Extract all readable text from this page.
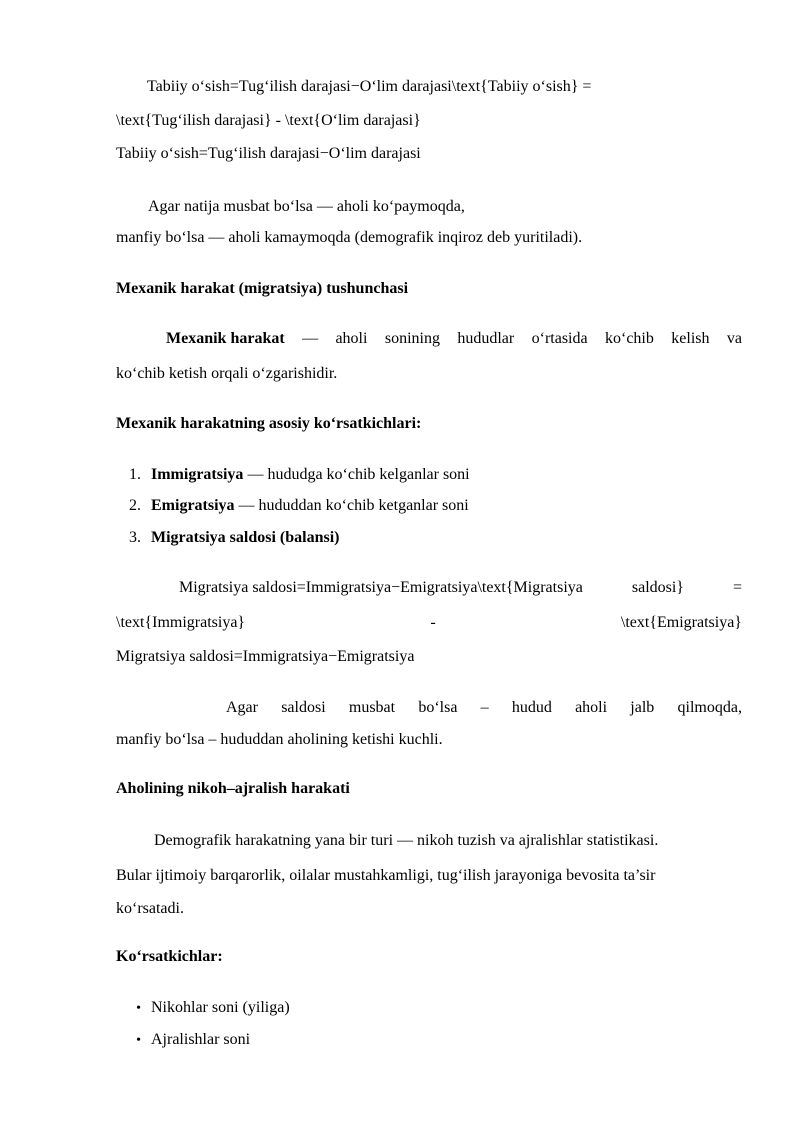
Tabiiy o‘sish=Tug‘ilish darajasi−O‘lim darajasi\text{Tabiiy o‘sish} =
\text{Tug‘ilish darajasi} - \text{O‘lim darajasi}
Tabiiy o‘sish=Tug‘ilish darajasi−O‘lim darajasi
Agar natija musbat bo‘lsa — aholi ko‘paymoqda,
manfiy bo‘lsa — aholi kamaymoqda (demografik inqiroz deb yuritiladi).
Mexanik harakat (migratsiya) tushunchasi
Mexanik harakat — aholi sonining hududlar o‘rtasida ko‘chib kelish va
ko‘chib ketish orqali o‘zgarishidir.
Mexanik harakatning asosiy ko‘rsatkichlari:
1. Immigratsiya — hududga ko‘chib kelganlar soni
2. Emigratsiya — hududdan ko‘chib ketganlar soni
3. Migratsiya saldosi (balansi)
Migratsiya saldosi=Immigratsiya−Emigratsiya\text{Migratsiya	saldosi}	=
\text{Immigratsiya}	-	\text{Emigratsiya}
Migratsiya saldosi=Immigratsiya−Emigratsiya
Agar saldosi musbat bo‘lsa – hudud aholi jalb qilmoqda,
manfiy bo‘lsa – hududdan aholining ketishi kuchli.
Aholining nikoh–ajralish harakati
Demografik harakatning yana bir turi — nikoh tuzish va ajralishlar statistikasi.
Bular ijtimoiy barqarorlik, oilalar mustahkamligi, tug‘ilish jarayoniga bevosita ta’sir
ko‘rsatadi.
Ko‘rsatkichlar:
• Nikohlar soni (yiliga)
• Ajralishlar soni
